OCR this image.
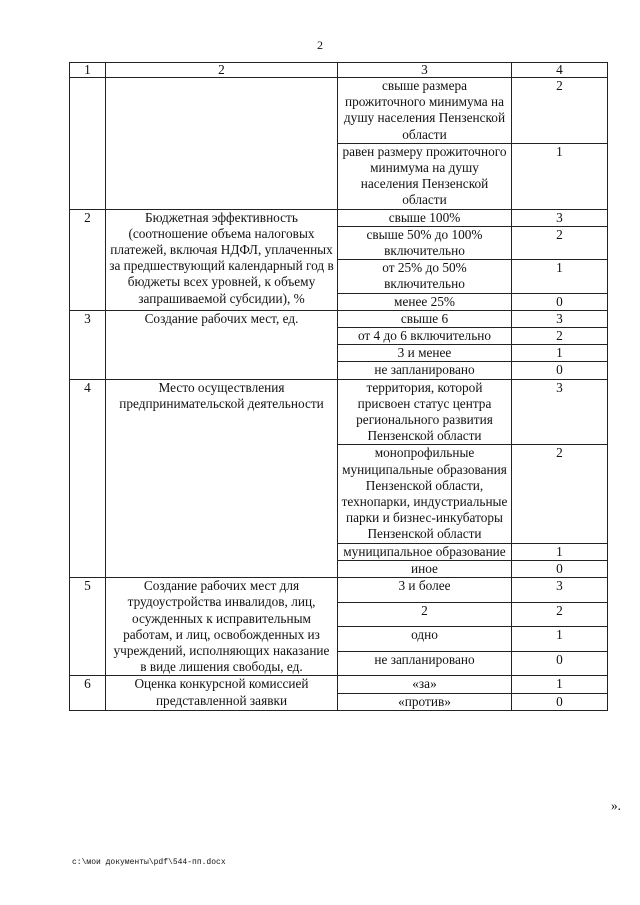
2
1	2	3	4
		свыше размера прожиточного минимума на душу населения Пензенской области	2
		равен размеру прожиточного минимума на душу населения Пензенской области	1
2	Бюджетная эффективность (соотношение объема налоговых платежей, включая НДФЛ, уплаченных за предшествующий календарный год в бюджеты всех уровней, к объему запрашиваемой субсидии), %	свыше 100%	3
		свыше 50% до 100% включительно	2
		от 25% до 50% включительно	1
		менее 25%	0
3	Создание рабочих мест, ед.	свыше 6	3
		от 4 до 6 включительно	2
		3 и менее	1
		не запланировано	0
4	Место осуществления предпринимательской деятельности	территория, которой присвоен статус центра регионального развития Пензенской области	3
		монопрофильные муниципальные образования Пензенской области, технопарки, индустриальные парки и бизнес-инкубаторы Пензенской области	2
		муниципальное образование	1
		иное	0
5	Создание рабочих мест для трудоустройства инвалидов, лиц, осужденных к исправительным работам, и лиц, освобожденных из учреждений, исполняющих наказание в виде лишения свободы, ед.	3 и более	3
		2	2
		одно	1
		не запланировано	0
6	Оценка конкурсной комиссией представленной заявки	«за»	1
		«против»	0
».
c:\мои документы\pdf\544-пп.docx
